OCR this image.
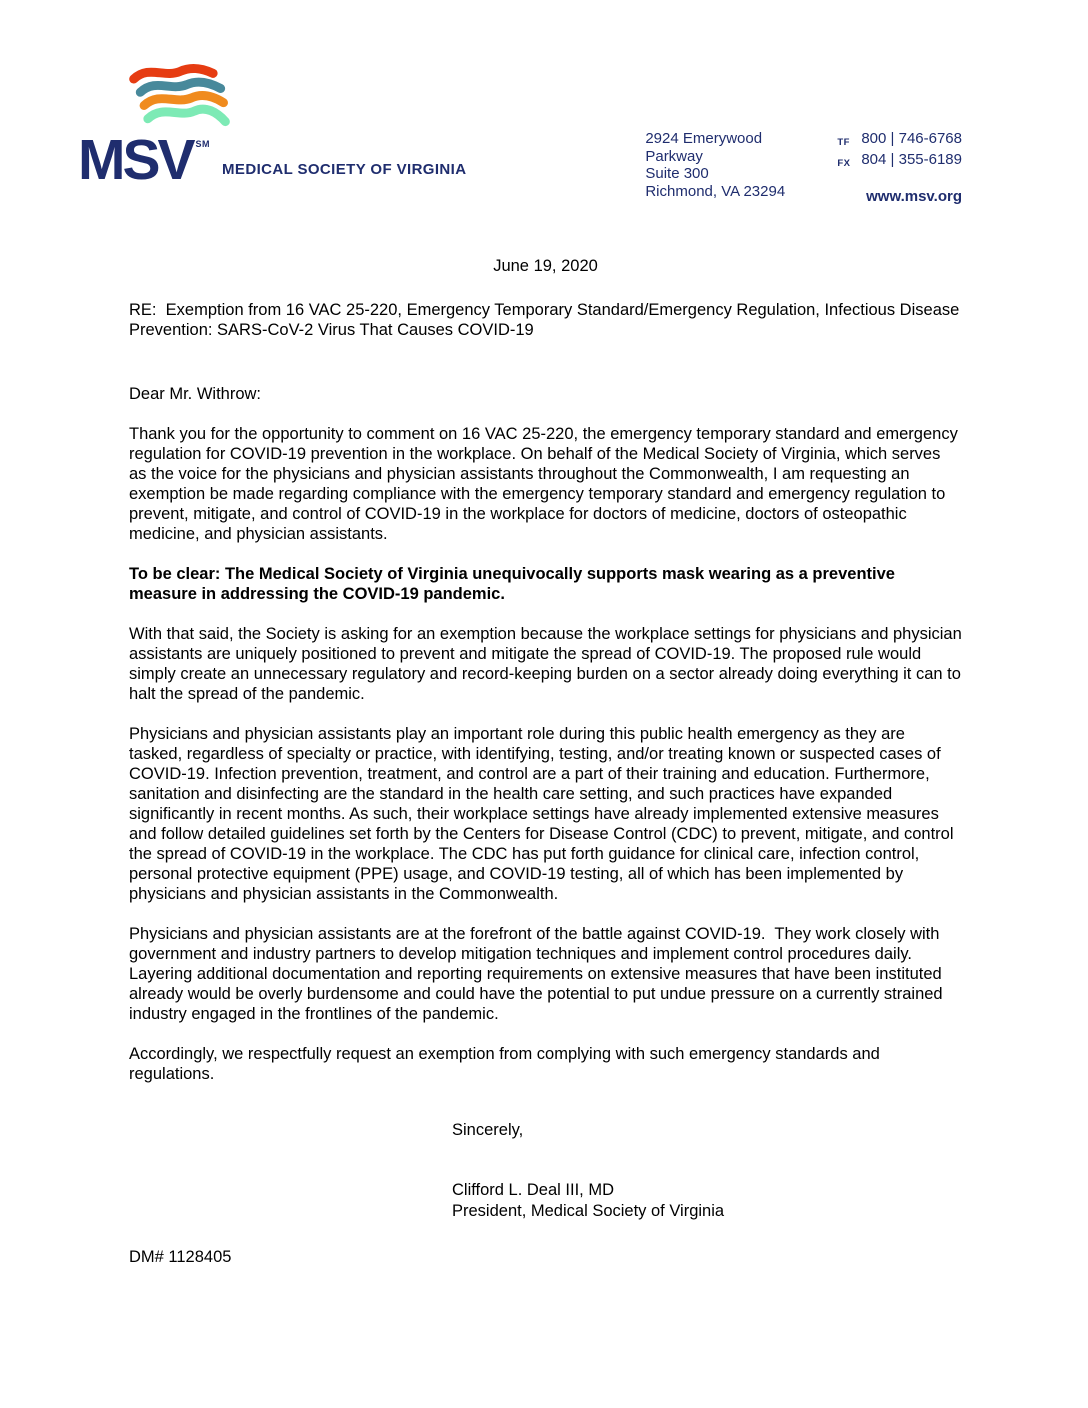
MSV SM
MEDICAL SOCIETY OF VIRGINIA
2924 Emerywood Parkway
Suite 300
Richmond, VA 23294
TF 800 | 746-6768
FX 804 | 355-6189
www.msv.org
June 19, 2020

RE:  Exemption from 16 VAC 25-220, Emergency Temporary Standard/Emergency Regulation, Infectious Disease Prevention: SARS-CoV-2 Virus That Causes COVID-19

Dear Mr. Withrow:

Thank you for the opportunity to comment on 16 VAC 25-220, the emergency temporary standard and emergency regulation for COVID-19 prevention in the workplace. On behalf of the Medical Society of Virginia, which serves as the voice for the physicians and physician assistants throughout the Commonwealth, I am requesting an exemption be made regarding compliance with the emergency temporary standard and emergency regulation to prevent, mitigate, and control of COVID-19 in the workplace for doctors of medicine, doctors of osteopathic medicine, and physician assistants.

To be clear: The Medical Society of Virginia unequivocally supports mask wearing as a preventive measure in addressing the COVID-19 pandemic.

With that said, the Society is asking for an exemption because the workplace settings for physicians and physician assistants are uniquely positioned to prevent and mitigate the spread of COVID-19. The proposed rule would simply create an unnecessary regulatory and record-keeping burden on a sector already doing everything it can to halt the spread of the pandemic.

Physicians and physician assistants play an important role during this public health emergency as they are tasked, regardless of specialty or practice, with identifying, testing, and/or treating known or suspected cases of COVID-19. Infection prevention, treatment, and control are a part of their training and education. Furthermore, sanitation and disinfecting are the standard in the health care setting, and such practices have expanded significantly in recent months. As such, their workplace settings have already implemented extensive measures and follow detailed guidelines set forth by the Centers for Disease Control (CDC) to prevent, mitigate, and control the spread of COVID-19 in the workplace. The CDC has put forth guidance for clinical care, infection control, personal protective equipment (PPE) usage, and COVID-19 testing, all of which has been implemented by physicians and physician assistants in the Commonwealth.

Physicians and physician assistants are at the forefront of the battle against COVID-19.  They work closely with government and industry partners to develop mitigation techniques and implement control procedures daily. Layering additional documentation and reporting requirements on extensive measures that have been instituted already would be overly burdensome and could have the potential to put undue pressure on a currently strained industry engaged in the frontlines of the pandemic.

Accordingly, we respectfully request an exemption from complying with such emergency standards and regulations.

Sincerely,
Clifford L. Deal III, MD
President, Medical Society of Virginia
DM# 1128405
